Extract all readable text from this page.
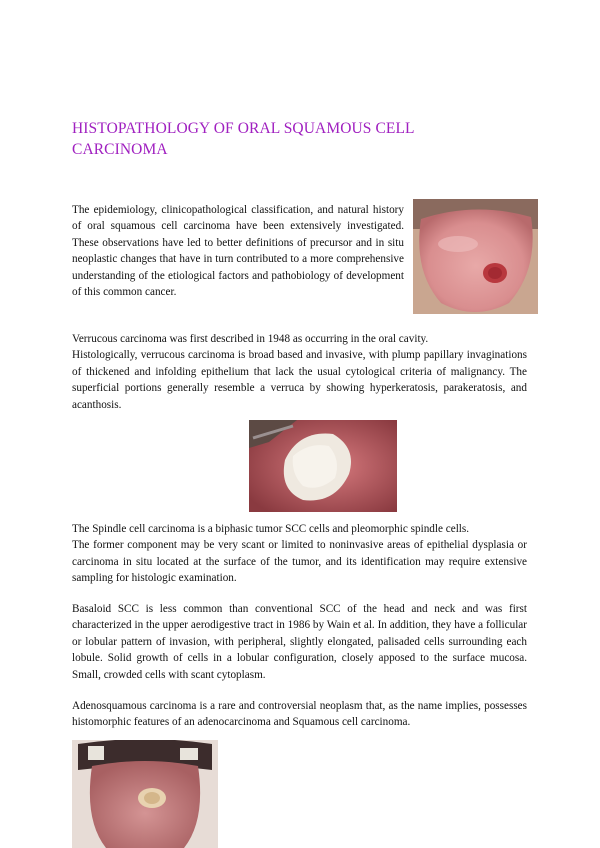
HISTOPATHOLOGY OF ORAL SQUAMOUS CELL CARCINOMA

The epidemiology, clinicopathological classification, and natural history of oral squamous cell carcinoma have been extensively investigated. These observations have led to better definitions of precursor and in situ neoplastic changes that have in turn contributed to a more comprehensive understanding of the etiological factors and pathobiology of development of this common cancer.

Verrucous carcinoma was first described in 1948 as occurring in the oral cavity.
Histologically, verrucous carcinoma is broad based and invasive, with plump papillary invaginations of thickened and infolding epithelium that lack the usual cytological criteria of malignancy. The superficial portions generally resemble a verruca by showing hyperkeratosis, parakeratosis, and acanthosis.

The Spindle cell carcinoma is a biphasic tumor SCC cells and pleomorphic spindle cells.
The former component may be very scant or limited to noninvasive areas of epithelial dysplasia or carcinoma in situ located at the surface of the tumor, and its identification may require extensive sampling for histologic examination.

Basaloid SCC is less common than conventional SCC of the head and neck and was first characterized in the upper aerodigestive tract in 1986 by Wain et al. In addition, they have a follicular or lobular pattern of invasion, with peripheral, slightly elongated, palisaded cells surrounding each lobule. Solid growth of cells in a lobular configuration, closely apposed to the surface mucosa. Small, crowded cells with scant cytoplasm.

Adenosquamous carcinoma is a rare and controversial neoplasm that, as the name implies, possesses histomorphic features of an adenocarcinoma and Squamous cell carcinoma.
